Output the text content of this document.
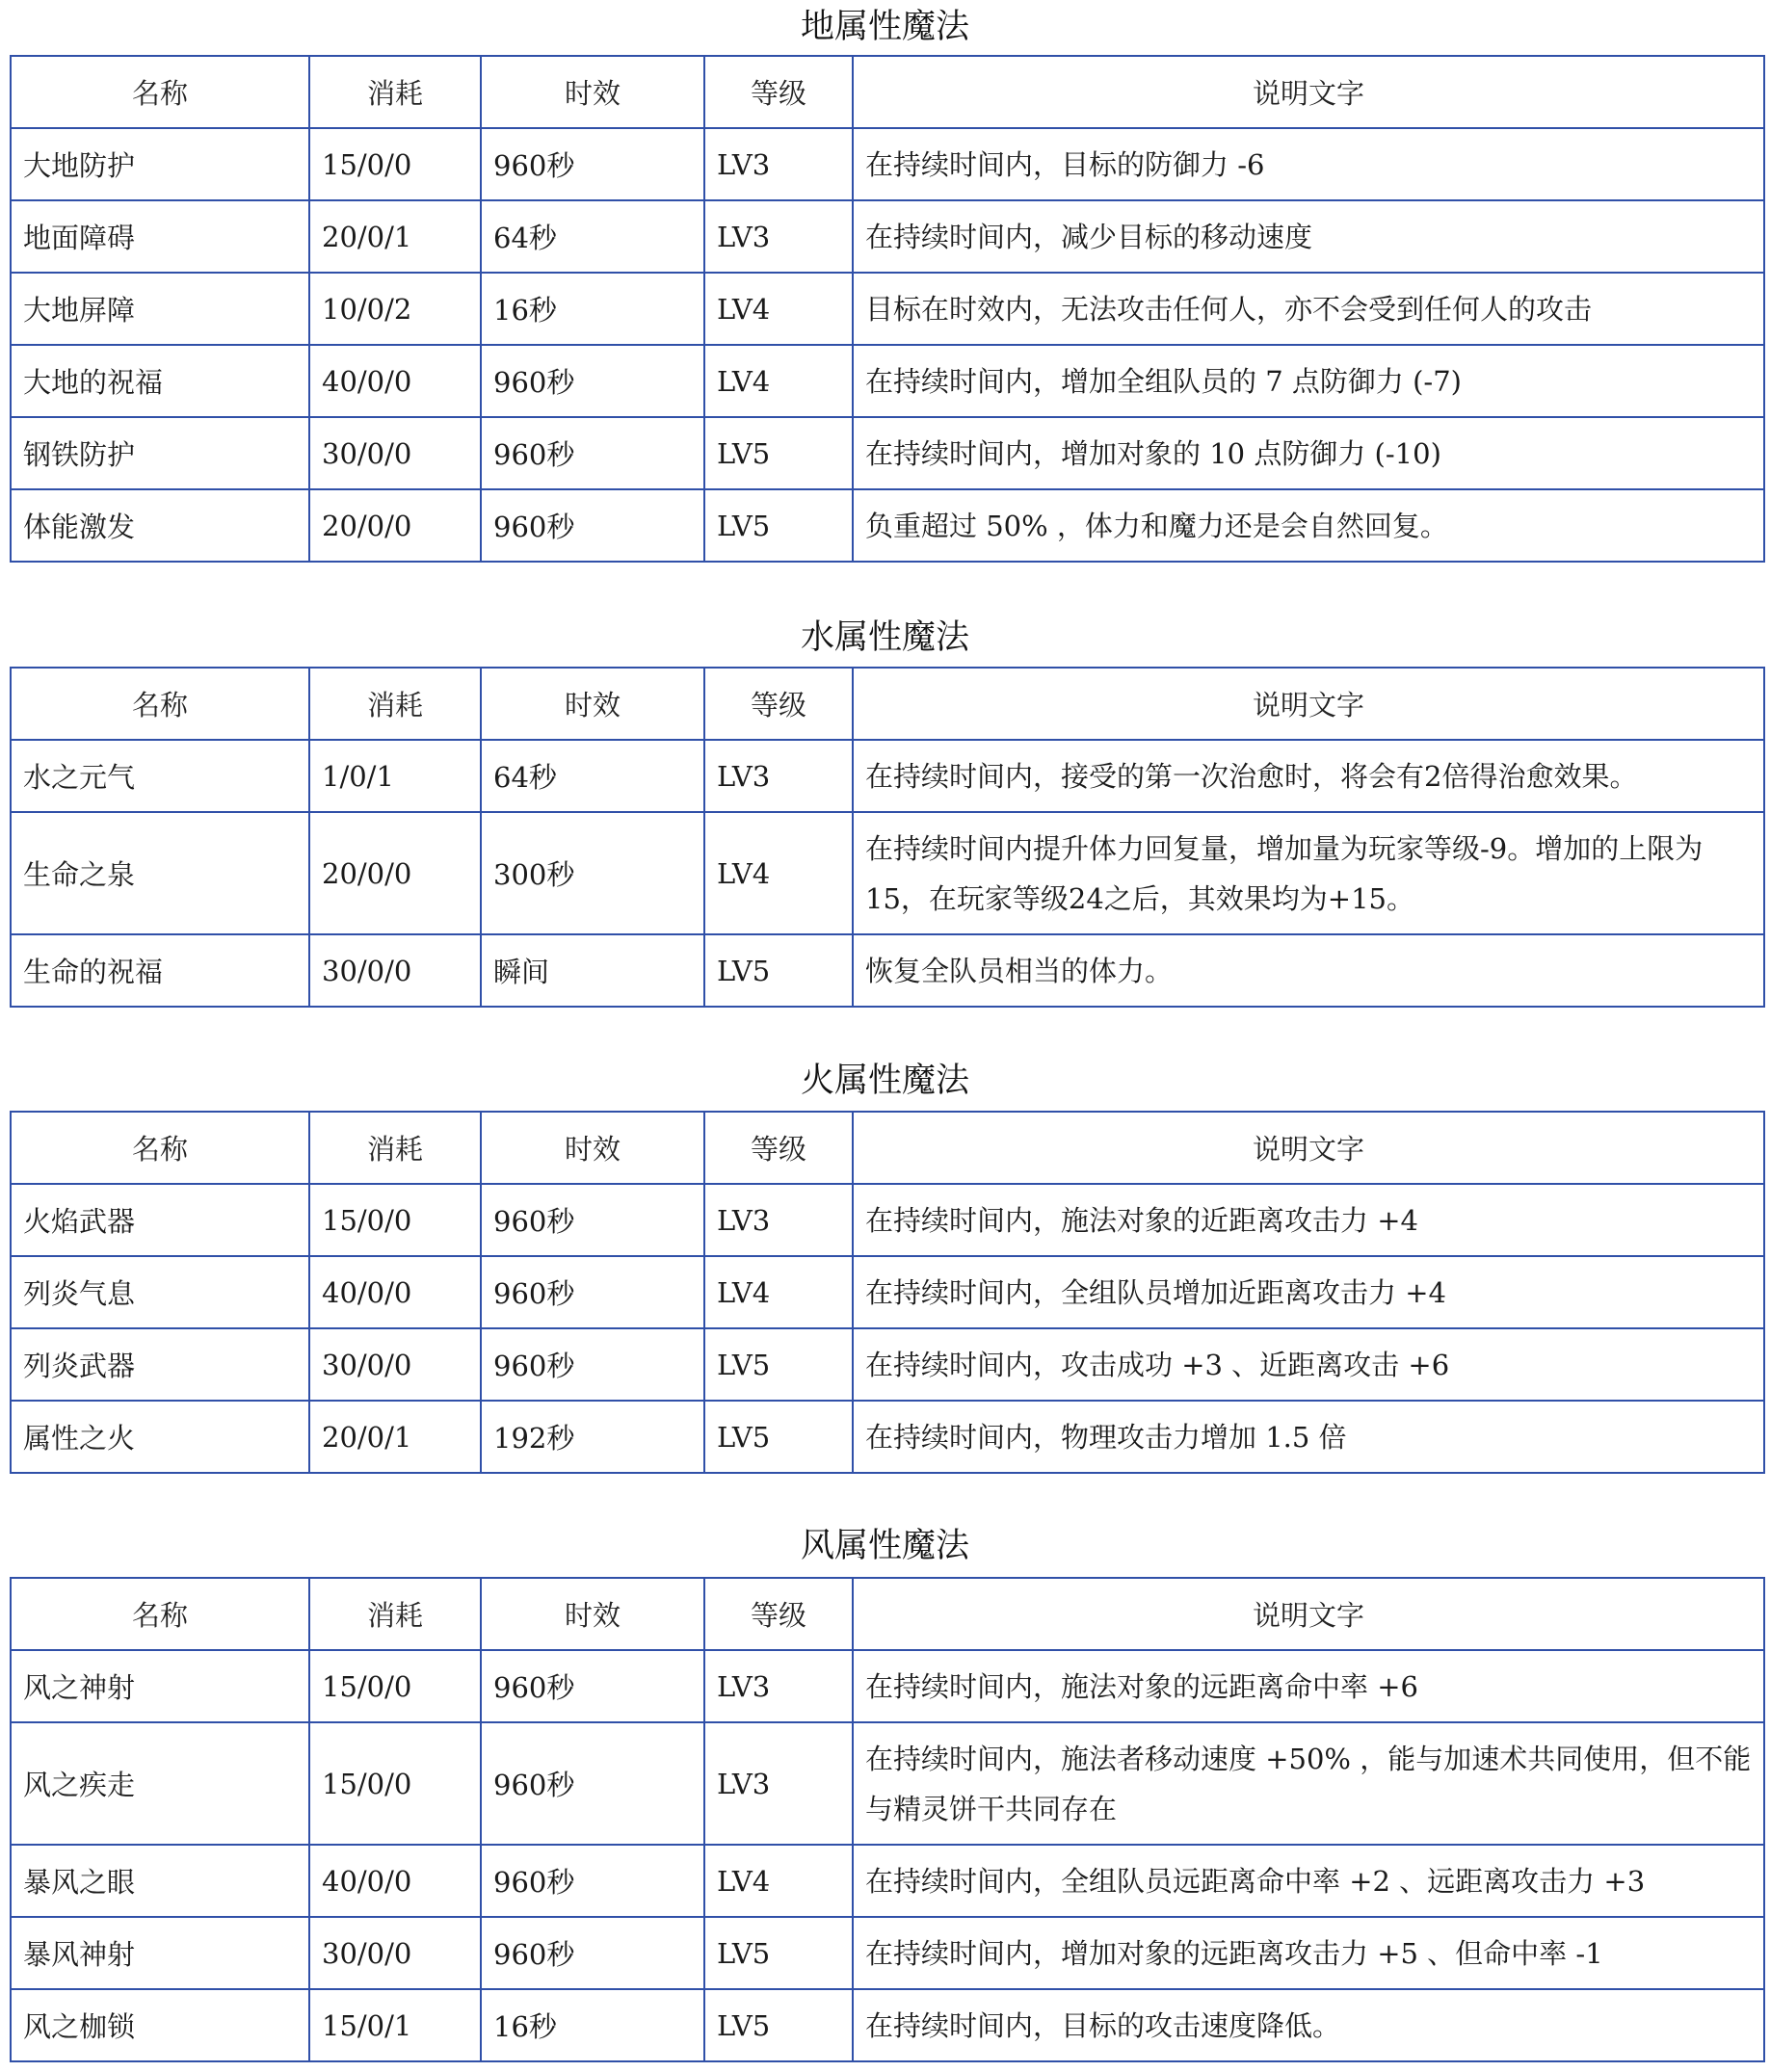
地属性魔法
名称	消耗	时效	等级	说明文字
大地防护	15/0/0	960秒	LV3	在持续时间内，目标的防御力 -6
地面障碍	20/0/1	64秒	LV3	在持续时间内，减少目标的移动速度
大地屏障	10/0/2	16秒	LV4	目标在时效内，无法攻击任何人，亦不会受到任何人的攻击
大地的祝福	40/0/0	960秒	LV4	在持续时间内，增加全组队员的 7 点防御力 (-7)
钢铁防护	30/0/0	960秒	LV5	在持续时间内，增加对象的 10 点防御力 (-10)
体能激发	20/0/0	960秒	LV5	负重超过 50% ，体力和魔力还是会自然回复。
水属性魔法
名称	消耗	时效	等级	说明文字
水之元气	1/0/1	64秒	LV3	在持续时间内，接受的第一次治愈时，将会有2倍得治愈效果。
生命之泉	20/0/0	300秒	LV4	在持续时间内提升体力回复量，增加量为玩家等级-9。增加的上限为15，在玩家等级24之后，其效果均为+15。
生命的祝福	30/0/0	瞬间	LV5	恢复全队员相当的体力。
火属性魔法
名称	消耗	时效	等级	说明文字
火焰武器	15/0/0	960秒	LV3	在持续时间内，施法对象的近距离攻击力 +4
列炎气息	40/0/0	960秒	LV4	在持续时间内，全组队员增加近距离攻击力 +4
列炎武器	30/0/0	960秒	LV5	在持续时间内，攻击成功 +3 、近距离攻击 +6
属性之火	20/0/1	192秒	LV5	在持续时间内，物理攻击力增加 1.5 倍
风属性魔法
名称	消耗	时效	等级	说明文字
风之神射	15/0/0	960秒	LV3	在持续时间内，施法对象的远距离命中率 +6
风之疾走	15/0/0	960秒	LV3	在持续时间内，施法者移动速度 +50% ，能与加速术共同使用，但不能与精灵饼干共同存在
暴风之眼	40/0/0	960秒	LV4	在持续时间内，全组队员远距离命中率 +2 、远距离攻击力 +3
暴风神射	30/0/0	960秒	LV5	在持续时间内，增加对象的远距离攻击力 +5 、但命中率 -1
风之枷锁	15/0/1	16秒	LV5	在持续时间内，目标的攻击速度降低。
